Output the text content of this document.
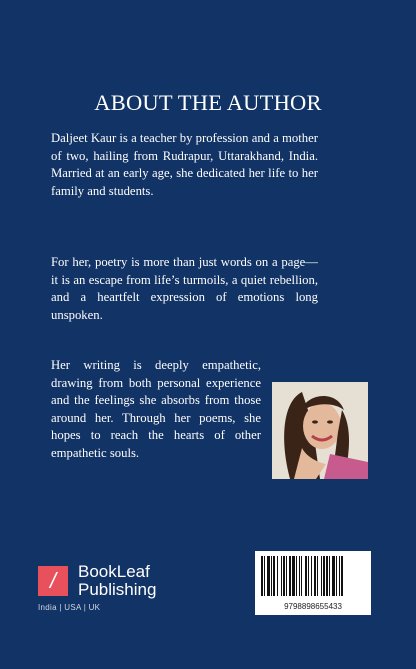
ABOUT THE AUTHOR

Daljeet Kaur is a teacher by profession and a mother of two, hailing from Rudrapur, Uttarakhand, India. Married at an early age, she dedicated her life to her family and students.

For her, poetry is more than just words on a page—it is an escape from life’s turmoils, a quiet rebellion, and a heartfelt expression of emotions long unspoken.

Her writing is deeply empathetic, drawing from both personal experience and the feelings she absorbs from those around her. Through her poems, she hopes to reach the hearts of other empathetic souls.

/	BookLeaf
Publishing
India | USA | UK	9798898655433
